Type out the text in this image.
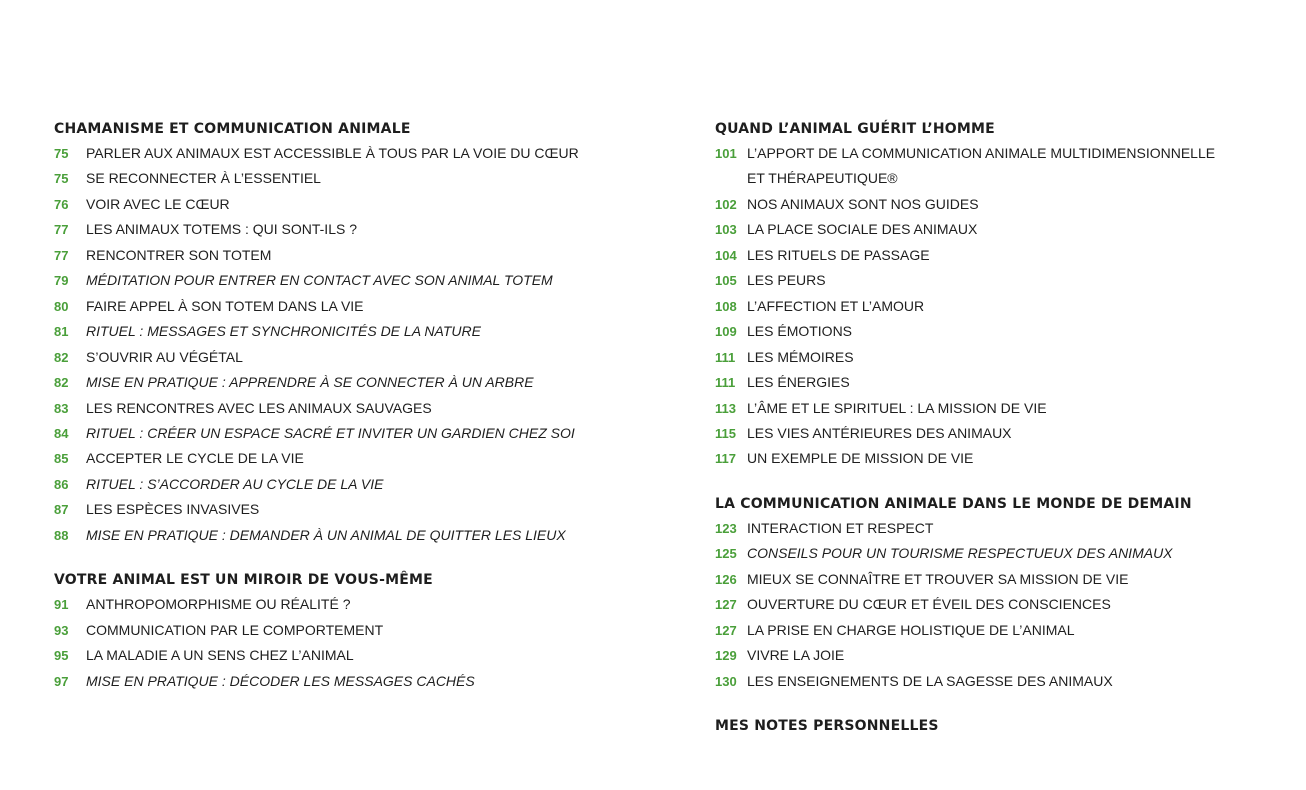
CHAMANISME ET COMMUNICATION ANIMALE
75	PARLER AUX ANIMAUX EST ACCESSIBLE À TOUS PAR LA VOIE DU CŒUR
75	SE RECONNECTER À L’ESSENTIEL
76	VOIR AVEC LE CŒUR
77	LES ANIMAUX TOTEMS : QUI SONT-ILS ?
77	RENCONTRER SON TOTEM
79	MÉDITATION POUR ENTRER EN CONTACT AVEC SON ANIMAL TOTEM
80	FAIRE APPEL À SON TOTEM DANS LA VIE
81	RITUEL : MESSAGES ET SYNCHRONICITÉS DE LA NATURE
82	S’OUVRIR AU VÉGÉTAL
82	MISE EN PRATIQUE : APPRENDRE À SE CONNECTER À UN ARBRE
83	LES RENCONTRES AVEC LES ANIMAUX SAUVAGES
84	RITUEL : CRÉER UN ESPACE SACRÉ ET INVITER UN GARDIEN CHEZ SOI
85	ACCEPTER LE CYCLE DE LA VIE
86	RITUEL : S’ACCORDER AU CYCLE DE LA VIE
87	LES ESPÈCES INVASIVES
88	MISE EN PRATIQUE : DEMANDER À UN ANIMAL DE QUITTER LES LIEUX
VOTRE ANIMAL EST UN MIROIR DE VOUS-MÊME
91	ANTHROPOMORPHISME OU RÉALITÉ ?
93	COMMUNICATION PAR LE COMPORTEMENT
95	LA MALADIE A UN SENS CHEZ L’ANIMAL
97	MISE EN PRATIQUE : DÉCODER LES MESSAGES CACHÉS
QUAND L’ANIMAL GUÉRIT L’HOMME
101 L’APPORT DE LA COMMUNICATION ANIMALE MULTIDIMENSIONNELLE
ET THÉRAPEUTIQUE®
102 NOS ANIMAUX SONT NOS GUIDES
103 LA PLACE SOCIALE DES ANIMAUX
104 LES RITUELS DE PASSAGE
105 LES PEURS
108 L’AFFECTION ET L’AMOUR
109 LES ÉMOTIONS
111 LES MÉMOIRES
111 LES ÉNERGIES
113 L’ÂME ET LE SPIRITUEL : LA MISSION DE VIE
115 LES VIES ANTÉRIEURES DES ANIMAUX
117 UN EXEMPLE DE MISSION DE VIE
LA COMMUNICATION ANIMALE DANS LE MONDE DE DEMAIN
123 INTERACTION ET RESPECT
125 CONSEILS POUR UN TOURISME RESPECTUEUX DES ANIMAUX
126 MIEUX SE CONNAÎTRE ET TROUVER SA MISSION DE VIE
127 OUVERTURE DU CŒUR ET ÉVEIL DES CONSCIENCES
127 LA PRISE EN CHARGE HOLISTIQUE DE L’ANIMAL
129 VIVRE LA JOIE
130 LES ENSEIGNEMENTS DE LA SAGESSE DES ANIMAUX
MES NOTES PERSONNELLES
